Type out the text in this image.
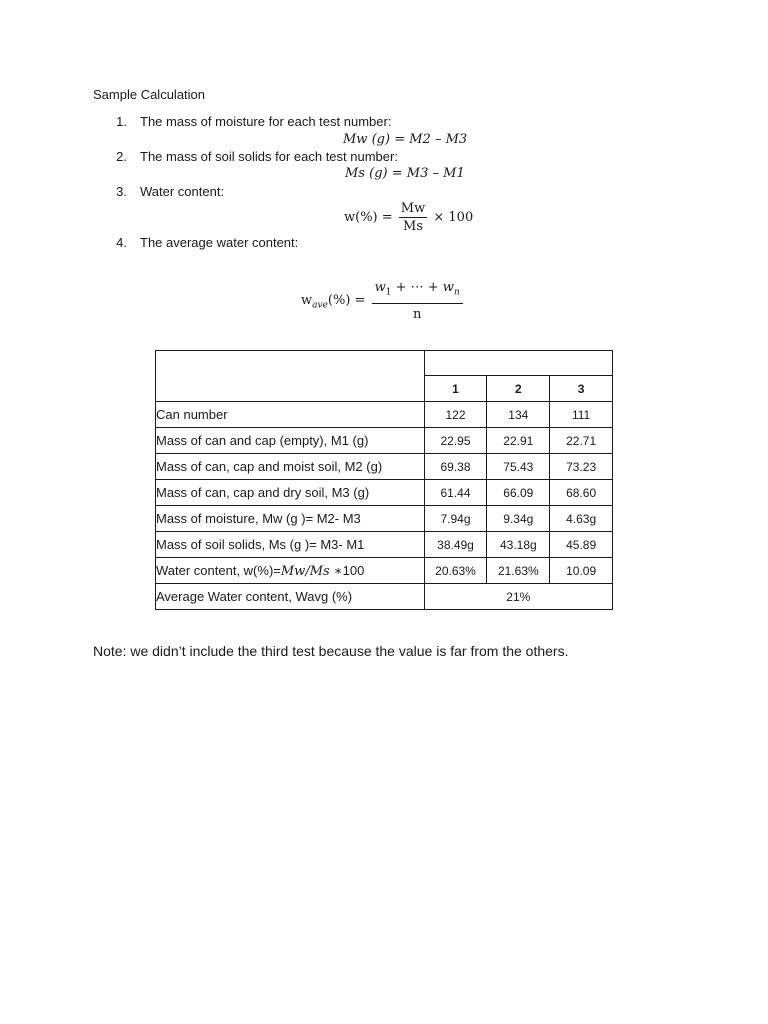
Sample Calculation
1. The mass of moisture for each test number:
Mw (g) = M2 – M3
2. The mass of soil solids for each test number:
Ms (g) = M3 – M1
3. Water content:
$w(\%) = \frac{Mw}{Ms} \times 100$
4. The average water content:
$w_{ave}(\%) = \frac{w_1 + \cdots + w_n}{n}$

	1	2	3
Can number	122	134	111
Mass of can and cap (empty), M1 (g)	22.95	22.91	22.71
Mass of can, cap and moist soil, M2 (g)	69.38	75.43	73.23
Mass of can, cap and dry soil, M3 (g)	61.44	66.09	68.60
Mass of moisture, Mw (g )= M2- M3	7.94g	9.34g	4.63g
Mass of soil solids, Ms (g )= M3- M1	38.49g	43.18g	45.89
Water content, w(%)=Mw/Ms ∗100	20.63%	21.63%	10.09
Average Water content, Wavg (%)	21%		
Note: we didn’t include the third test because the value is far from the others.
